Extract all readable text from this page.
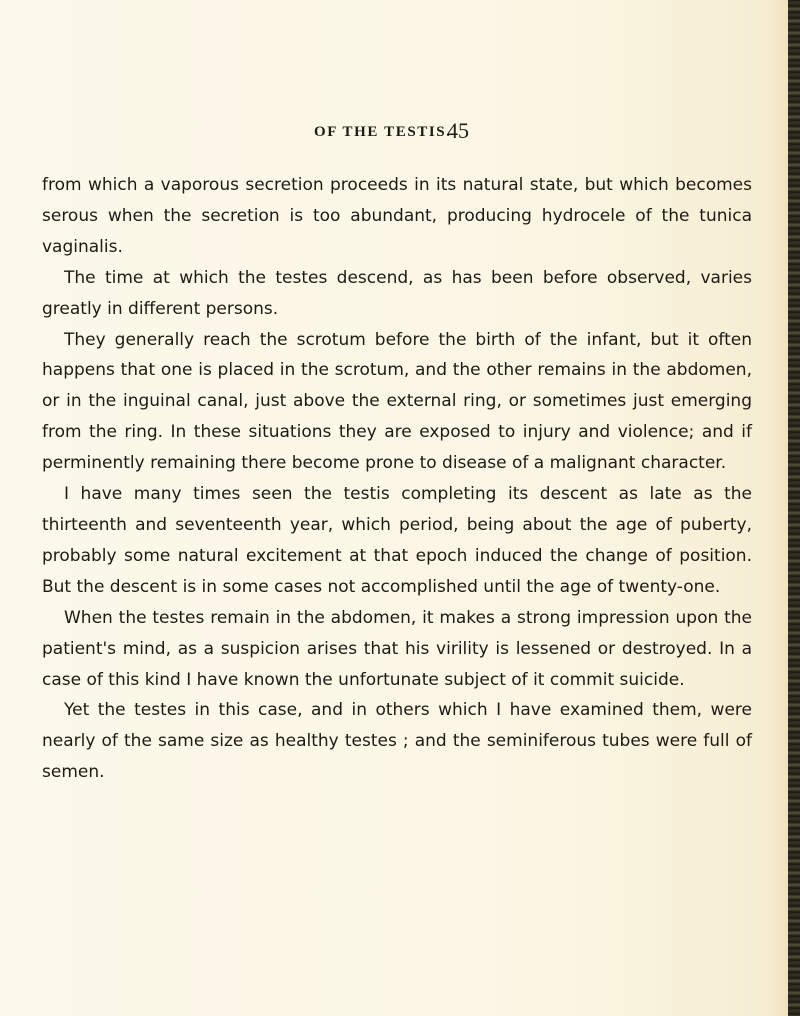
OF THE TESTIS.
45

from which a vaporous secretion proceeds in its natural state, but which becomes serous when the secretion is too abundant, producing hydrocele of the tunica vaginalis.

The time at which the testes descend, as has been before observed, varies greatly in different persons.

They generally reach the scrotum before the birth of the infant, but it often happens that one is placed in the scrotum, and the other remains in the abdomen, or in the inguinal canal, just above the external ring, or sometimes just emerging from the ring. In these situations they are exposed to injury and violence; and if perminently remaining there become prone to disease of a malignant character.

I have many times seen the testis completing its descent as late as the thirteenth and seventeenth year, which period, being about the age of puberty, probably some natural excitement at that epoch induced the change of position. But the descent is in some cases not accomplished until the age of twenty-one.

When the testes remain in the abdomen, it makes a strong impression upon the patient's mind, as a suspicion arises that his virility is lessened or destroyed. In a case of this kind I have known the unfortunate subject of it commit suicide.

Yet the testes in this case, and in others which I have examined them, were nearly of the same size as healthy testes ; and the seminiferous tubes were full of semen.
